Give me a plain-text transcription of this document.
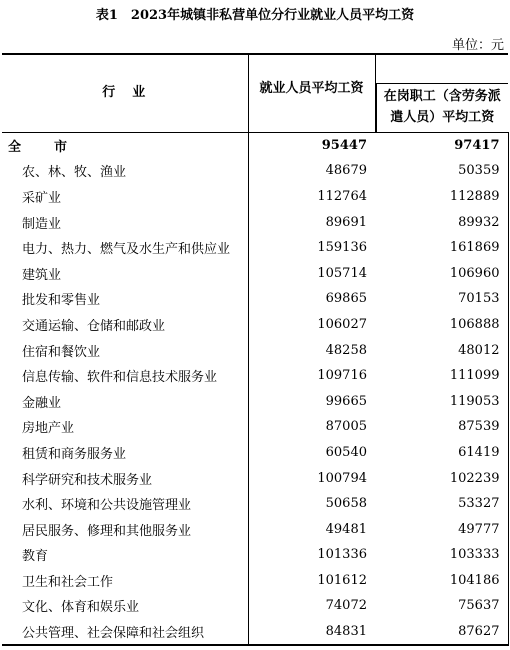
表1　2023年城镇非私营单位分行业就业人员平均工资
单位：元
行　业	就业人员平均工资	在岗职工（含劳务派
遣人员）平均工资

全　市	95447	97417
农、林、牧、渔业	48679	50359
采矿业	112764	112889
制造业	89691	89932
电力、热力、燃气及水生产和供应业	159136	161869
建筑业	105714	106960
批发和零售业	69865	70153
交通运输、仓储和邮政业	106027	106888
住宿和餐饮业	48258	48012
信息传输、软件和信息技术服务业	109716	111099
金融业	99665	119053
房地产业	87005	87539
租赁和商务服务业	60540	61419
科学研究和技术服务业	100794	102239
水利、环境和公共设施管理业	50658	53327
居民服务、修理和其他服务业	49481	49777
教育	101336	103333
卫生和社会工作	101612	104186
文化、体育和娱乐业	74072	75637
公共管理、社会保障和社会组织	84831	87627
